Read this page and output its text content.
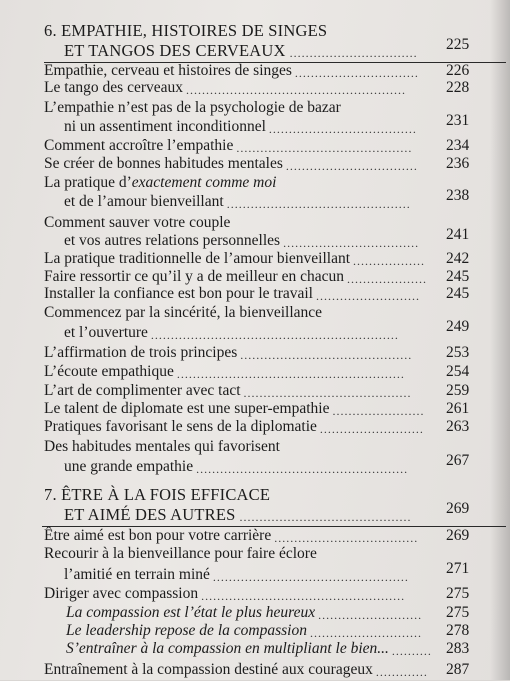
6. EMPATHIE, HISTOIRES DE SINGES
ET TANGOS DES CERVEAUX	225
................................
Empathie, cerveau et histoires de singes	226
...............................
Le tango des cerveaux	228
.......................................................
L’empathie n’est pas de la psychologie de bazar
ni un assentiment inconditionnel	231
.....................................
Comment accroître l’empathie	234
............................................
Se créer de bonnes habitudes mentales	236
.................................
La pratique d’exactement comme moi
et de l’amour bienveillant	238
..............................................
Comment sauver votre couple
et vos autres relations personnelles	241
..................................
La pratique traditionnelle de l’amour bienveillant	242
..................
Faire ressortir ce qu’il y a de meilleur en chacun	245
....................
Installer la confiance est bon pour le travail	245
..........................
Commencez par la sincérité, la bienveillance
et l’ouverture	249
..............................................................
L’affirmation de trois principes	253
...........................................
L’écoute empathique	254
.........................................................
L’art de complimenter avec tact	259
..........................................
Le talent de diplomate est une super-empathie	261
.......................
Pratiques favorisant le sens de la diplomatie	263
..........................
Des habitudes mentales qui favorisent
une grande empathie	267
.....................................................
7. ÊTRE À LA FOIS EFFICACE
ET AIMÉ DES AUTRES	269
...........................................
Être aimé est bon pour votre carrière	269
....................................
Recourir à la bienveillance pour faire éclore
l’amitié en terrain miné	271
.................................................
Diriger avec compassion	275
...................................................
La compassion est l’état le plus heureux	275
..........................
Le leadership repose de la compassion	278
............................
S’entraîner à la compassion en multipliant le bien...	283
..........
Entraînement à la compassion destiné aux courageux	287
.............
